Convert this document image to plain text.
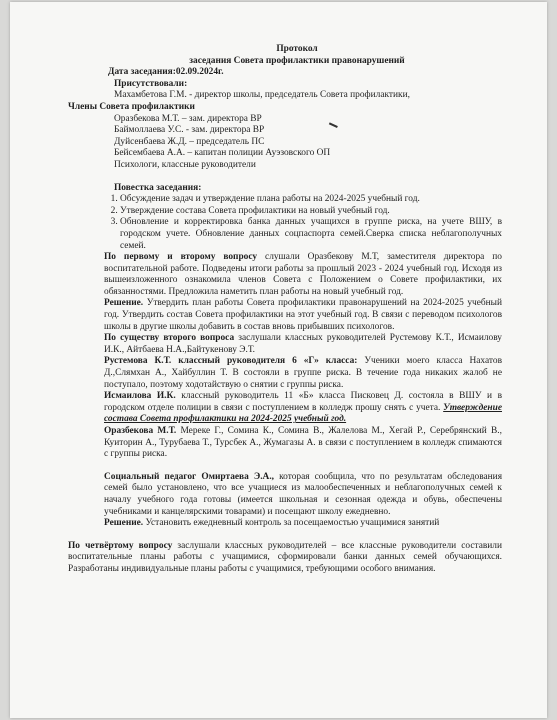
Протокол
заседания Совета профилактики правонарушений
Дата заседания:02.09.2024г.
Присутствовали:
Махамбетова Г.М. - директор школы, председатель Совета профилактики,
Члены Совета профилактики
Оразбекова М.Т. – зам. директора ВР
Баймоллаева У.С. - зам. директора ВР
Дуйсенбаева Ж.Д. – председатель ПС
Бейсембаева А.А. – капитан полиции Ауэзовского ОП
Психологи, классные руководители
Повестка заседания:
1. Обсуждение задач и утверждение плана работы на 2024-2025 учебный год.
2. Утверждение состава Совета профилактики на новый учебный год.
3. Обновление и корректировка банка данных учащихся в группе риска, на учете ВШУ, в городском учете. Обновление данных соцпаспорта семей.Сверка списка неблагополучных семей.
По первому и второму вопросу слушали Оразбекову М.Т, заместителя директора по воспитательной работе. Подведены итоги работы за прошлый 2023 - 2024 учебный год. Исходя из вышеизложенного ознакомила членов Совета с Положением о Совете профилактики, их обязанностями. Предложила наметить план работы на новый учебный год.
Решение. Утвердить план работы Совета профилактики правонарушений на 2024-2025 учебный год. Утвердить состав Совета профилактики на этот учебный год. В связи с переводом психологов школы в другие школы добавить в состав вновь прибывших психологов.
По существу второго вопроса заслушали классных руководителей Рустемову К.Т., Исмаилову И.К., Айтбаева Н.А.,Байтукенову Э.Т.
Рустемова К.Т. классный руководителя 6 «Г» класса: Ученики моего класса Нахатов Д.,Слямхан А., Хайбуллин Т. В состояли в группе риска. В течение года никаких жалоб не поступало, поэтому ходотайствую о снятии с группы риска.
Исмаилова И.К. классный руководитель 11 «Б» класса Писковец Д. состояла в ВШУ и в городском отделе полиции в связи с поступлением в колледж прошу снять с учета. Утверждение состава Совета профилактики на 2024-2025 учебный год.
Оразбекова М.Т. Мереке Г., Сомина К., Сомина В., Жалелова М., Хегай Р., Серебрянский В., Куиторин А., Турубаева Т., Турсбек А., Жумагазы А. в связи с поступлением в колледж спимаются с группы риска.
Социальный педагог Омиртаева Э.А., которая сообщила, что по результатам обследования семей было установлено, что все учащиеся из малообеспеченных и неблагополучных семей к началу учебного года готовы (имеется школьная и сезонная одежда и обувь, обеспечены учебниками и канцелярскими товарами) и посещают школу ежедневно.
Решение. Установить ежедневный контроль за посещаемостью учащимися занятий
По четвёртому вопросу заслушали классных руководителей – все классные руководители составили воспитательные планы работы с учащимися, сформировали банки данных семей обучающихся. Разработаны индивидуальные планы работы с учащимися, требующими особого внимания.
